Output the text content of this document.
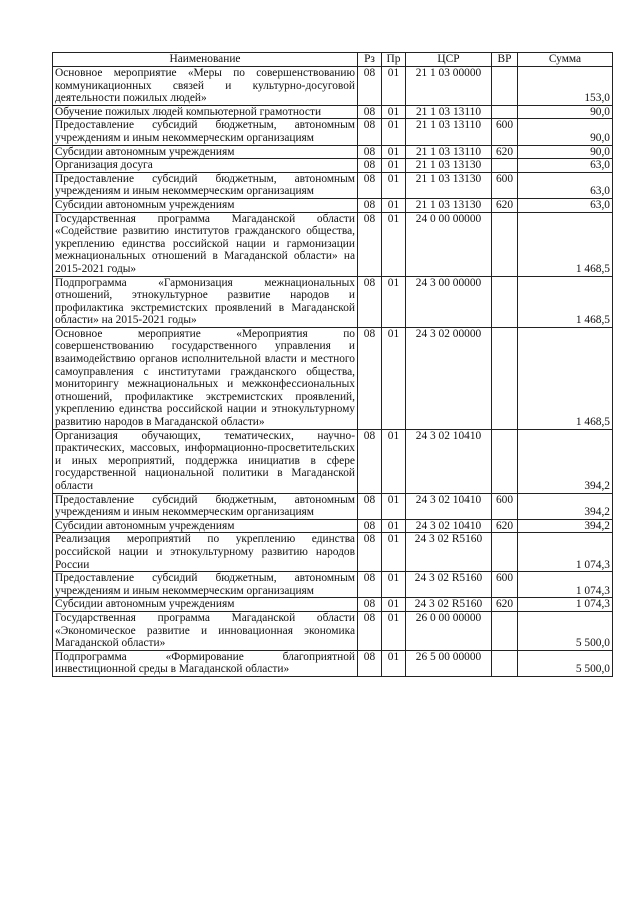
Наименование	Рз	Пр	ЦСР	ВР	Сумма
Основное мероприятие «Меры по совершенствованию коммуникационных связей и культурно-досуговой деятельности пожилых людей»	08	01	21 1 03 00000		153,0
Обучение пожилых людей компьютерной грамотности	08	01	21 1 03 13110		90,0
Предоставление субсидий бюджетным, автономным учреждениям и иным некоммерческим организациям	08	01	21 1 03 13110	600	90,0
Субсидии автономным учреждениям	08	01	21 1 03 13110	620	90,0
Организация досуга	08	01	21 1 03 13130		63,0
Предоставление субсидий бюджетным, автономным учреждениям и иным некоммерческим организациям	08	01	21 1 03 13130	600	63,0
Субсидии автономным учреждениям	08	01	21 1 03 13130	620	63,0
Государственная программа Магаданской области «Содействие развитию институтов гражданского общества, укреплению единства российской нации и гармонизации межнациональных отношений в Магаданской области» на 2015-2021 годы»	08	01	24 0 00 00000		1 468,5
Подпрограмма «Гармонизация межнациональных отношений, этнокультурное развитие народов и профилактика экстремистских проявлений в Магаданской области» на 2015-2021 годы»	08	01	24 3 00 00000		1 468,5
Основное мероприятие «Мероприятия по совершенствованию государственного управления и взаимодействию органов исполнительной власти и местного самоуправления с институтами гражданского общества, мониторингу межнациональных и межконфессиональных отношений, профилактике экстремистских проявлений, укреплению единства российской нации и этнокультурному развитию народов в Магаданской области»	08	01	24 3 02 00000		1 468,5
Организация обучающих, тематических, научно-практических, массовых, информационно-просветительских и иных мероприятий, поддержка инициатив в сфере государственной национальной политики в Магаданской области	08	01	24 3 02 10410		394,2
Предоставление субсидий бюджетным, автономным учреждениям и иным некоммерческим организациям	08	01	24 3 02 10410	600	394,2
Субсидии автономным учреждениям	08	01	24 3 02 10410	620	394,2
Реализация мероприятий по укреплению единства российской нации и этнокультурному развитию народов России	08	01	24 3 02 R5160		1 074,3
Предоставление субсидий бюджетным, автономным учреждениям и иным некоммерческим организациям	08	01	24 3 02 R5160	600	1 074,3
Субсидии автономным учреждениям	08	01	24 3 02 R5160	620	1 074,3
Государственная программа Магаданской области «Экономическое развитие и инновационная экономика Магаданской области»	08	01	26 0 00 00000		5 500,0
Подпрограмма «Формирование благоприятной инвестиционной среды в Магаданской области»	08	01	26 5 00 00000		5 500,0
